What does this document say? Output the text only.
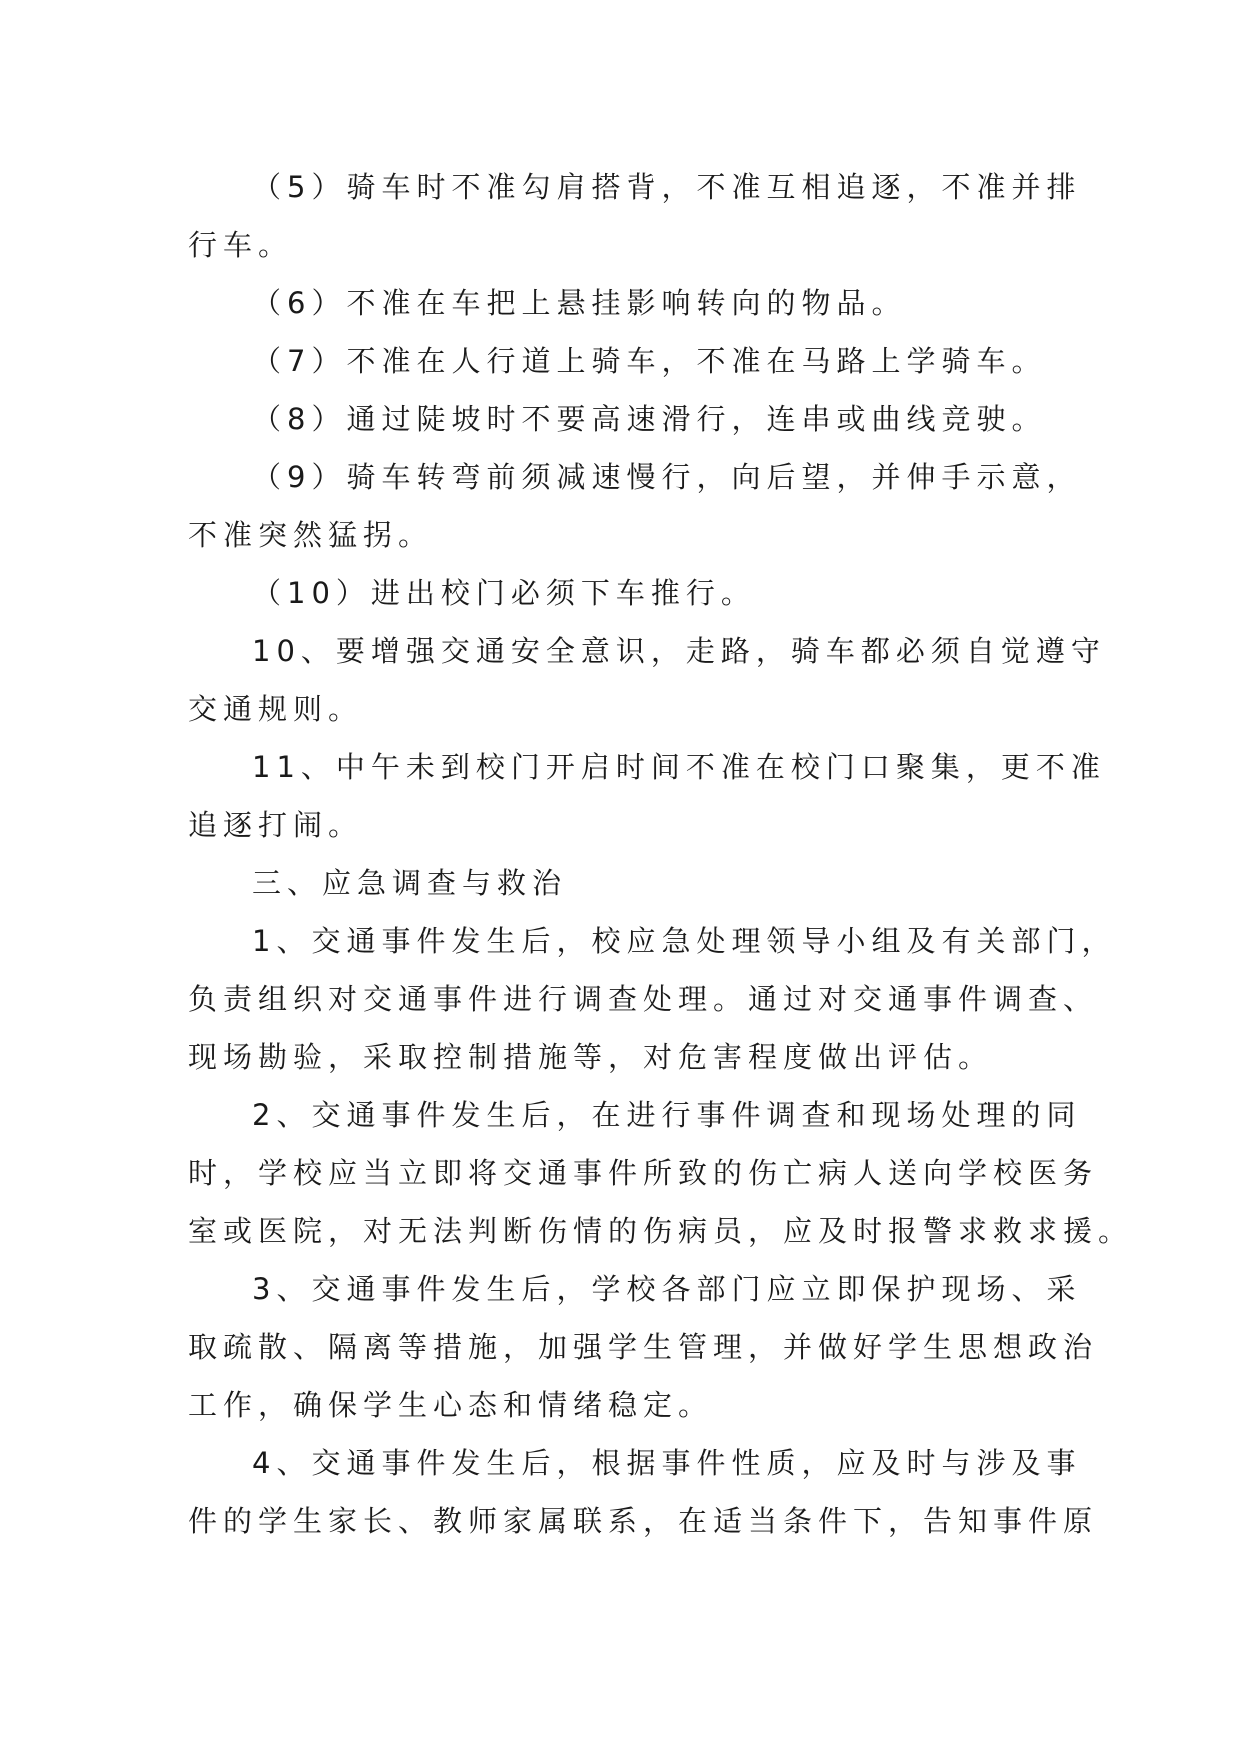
（5）骑车时不准勾肩搭背，不准互相追逐，不准并排
行车。
（6）不准在车把上悬挂影响转向的物品。
（7）不准在人行道上骑车，不准在马路上学骑车。
（8）通过陡坡时不要高速滑行，连串或曲线竞驶。
（9）骑车转弯前须减速慢行，向后望，并伸手示意，
不准突然猛拐。
（10）进出校门必须下车推行。
10、要增强交通安全意识，走路，骑车都必须自觉遵守
交通规则。
11、中午未到校门开启时间不准在校门口聚集，更不准
追逐打闹。
三、应急调查与救治
1、交通事件发生后，校应急处理领导小组及有关部门，
负责组织对交通事件进行调查处理。通过对交通事件调查、
现场勘验，采取控制措施等，对危害程度做出评估。
2、交通事件发生后，在进行事件调查和现场处理的同
时，学校应当立即将交通事件所致的伤亡病人送向学校医务
室或医院，对无法判断伤情的伤病员，应及时报警求救求援。
3、交通事件发生后，学校各部门应立即保护现场、采
取疏散、隔离等措施，加强学生管理，并做好学生思想政治
工作，确保学生心态和情绪稳定。
4、交通事件发生后，根据事件性质，应及时与涉及事
件的学生家长、教师家属联系，在适当条件下，告知事件原
